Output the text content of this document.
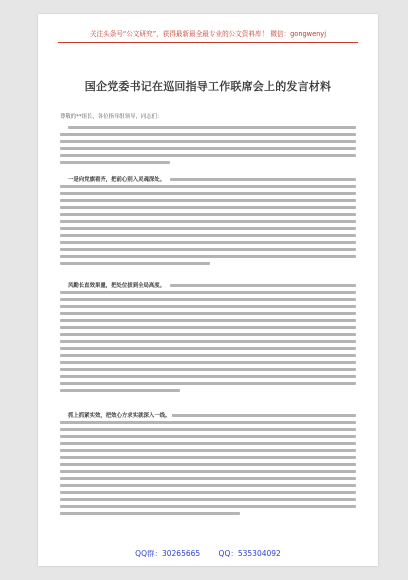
关注头条号“公文研究”，获得最新最全最专业的公文资料库！ 微信：gongwenyj
国企党委书记在巡回指导工作联席会上的发言材料
尊敬的**组长，各位指导组领导，同志们：
一是向党旗看齐，把前心别入灵魂深处。
风勤长直效果量，把处位拔到全局高度。
抓上抓紧实效，把效心方求实就深入一线。
QQ群：30265665 QQ：535304092
